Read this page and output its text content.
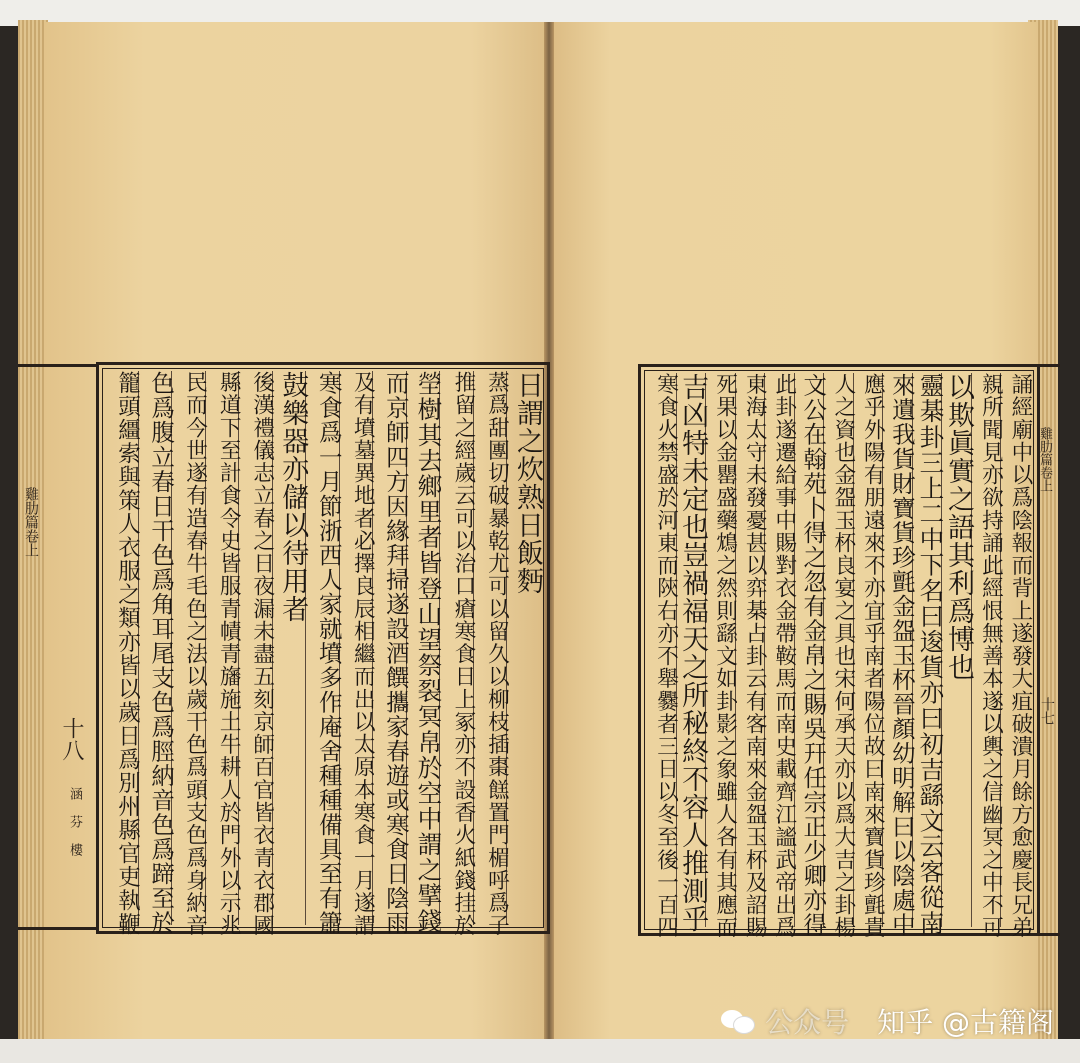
雞肋篇卷上
十八
涵 芬 樓
日謂之炊熟日飯麪
蒸爲甜團切破暴乾尤可以留久以柳枝插棗餻置門楣呼爲子
推留之經歲云可以治口瘡寒食日上冢亦不設香火紙錢挂於
塋樹其去鄉里者皆登山望祭裂冥帛於空中謂之擘錢
而京師四方因緣拜掃遂設酒饌攜家春遊或寒食日陰雨
及有墳墓異地者必擇良辰相繼而出以太原本寒食一月遂謂
寒食爲一月節浙西人家就墳多作庵舍種種備具至有簫
鼓樂器亦儲以待用者
後漢禮儀志立春之日夜漏未盡五刻京師百官皆衣青衣郡國
縣道下至計食令史皆服青幘青旛施土牛耕人於門外以示兆
民而今世遂有造春牛毛色之法以歲干色爲頭支色爲身納音
色爲腹立春日干色爲角耳尾支色爲脛納音色爲蹄至於
籠頭繮索與策人衣服之類亦皆以歲日爲別州縣官吏執鞭	雞肋篇卷上
十七
誦經廟中以爲陰報而背上遂發大疽破潰月餘方愈慶長兄弟
親所聞見亦欲持誦此經恨無善本遂以輿之信幽冥之中不可
以欺眞實之語其利爲博也
靈棊卦三上二中下名曰逡貨亦曰初吉繇文云客從南
來遺我貨財寶貨珍氈金盌玉杯晉顏幼明解曰以陰處中
應乎外陽有朋遠來不亦宜乎南者陽位故曰南來寶貨珍氈貴
人之資也金盌玉杯良宴之具也宋何承天亦以爲大吉之卦楊
文公在翰苑卜得之忽有金帛之賜吳幵任宗正少卿亦得
此卦遂遷給事中賜對衣金帶鞍馬而南史載齊江謐武帝出爲
東海太守未發憂甚以弈棊占卦云有客南來金盌玉杯及詔賜
死果以金罌盛藥鴆之然則繇文如卦影之象雖人各有其應而
吉凶特未定也豈禍福天之所秘終不容人推測乎
寒食火禁盛於河東而陝右亦不舉爨者三日以冬至後一百四
公众号 知乎 @古籍阁
